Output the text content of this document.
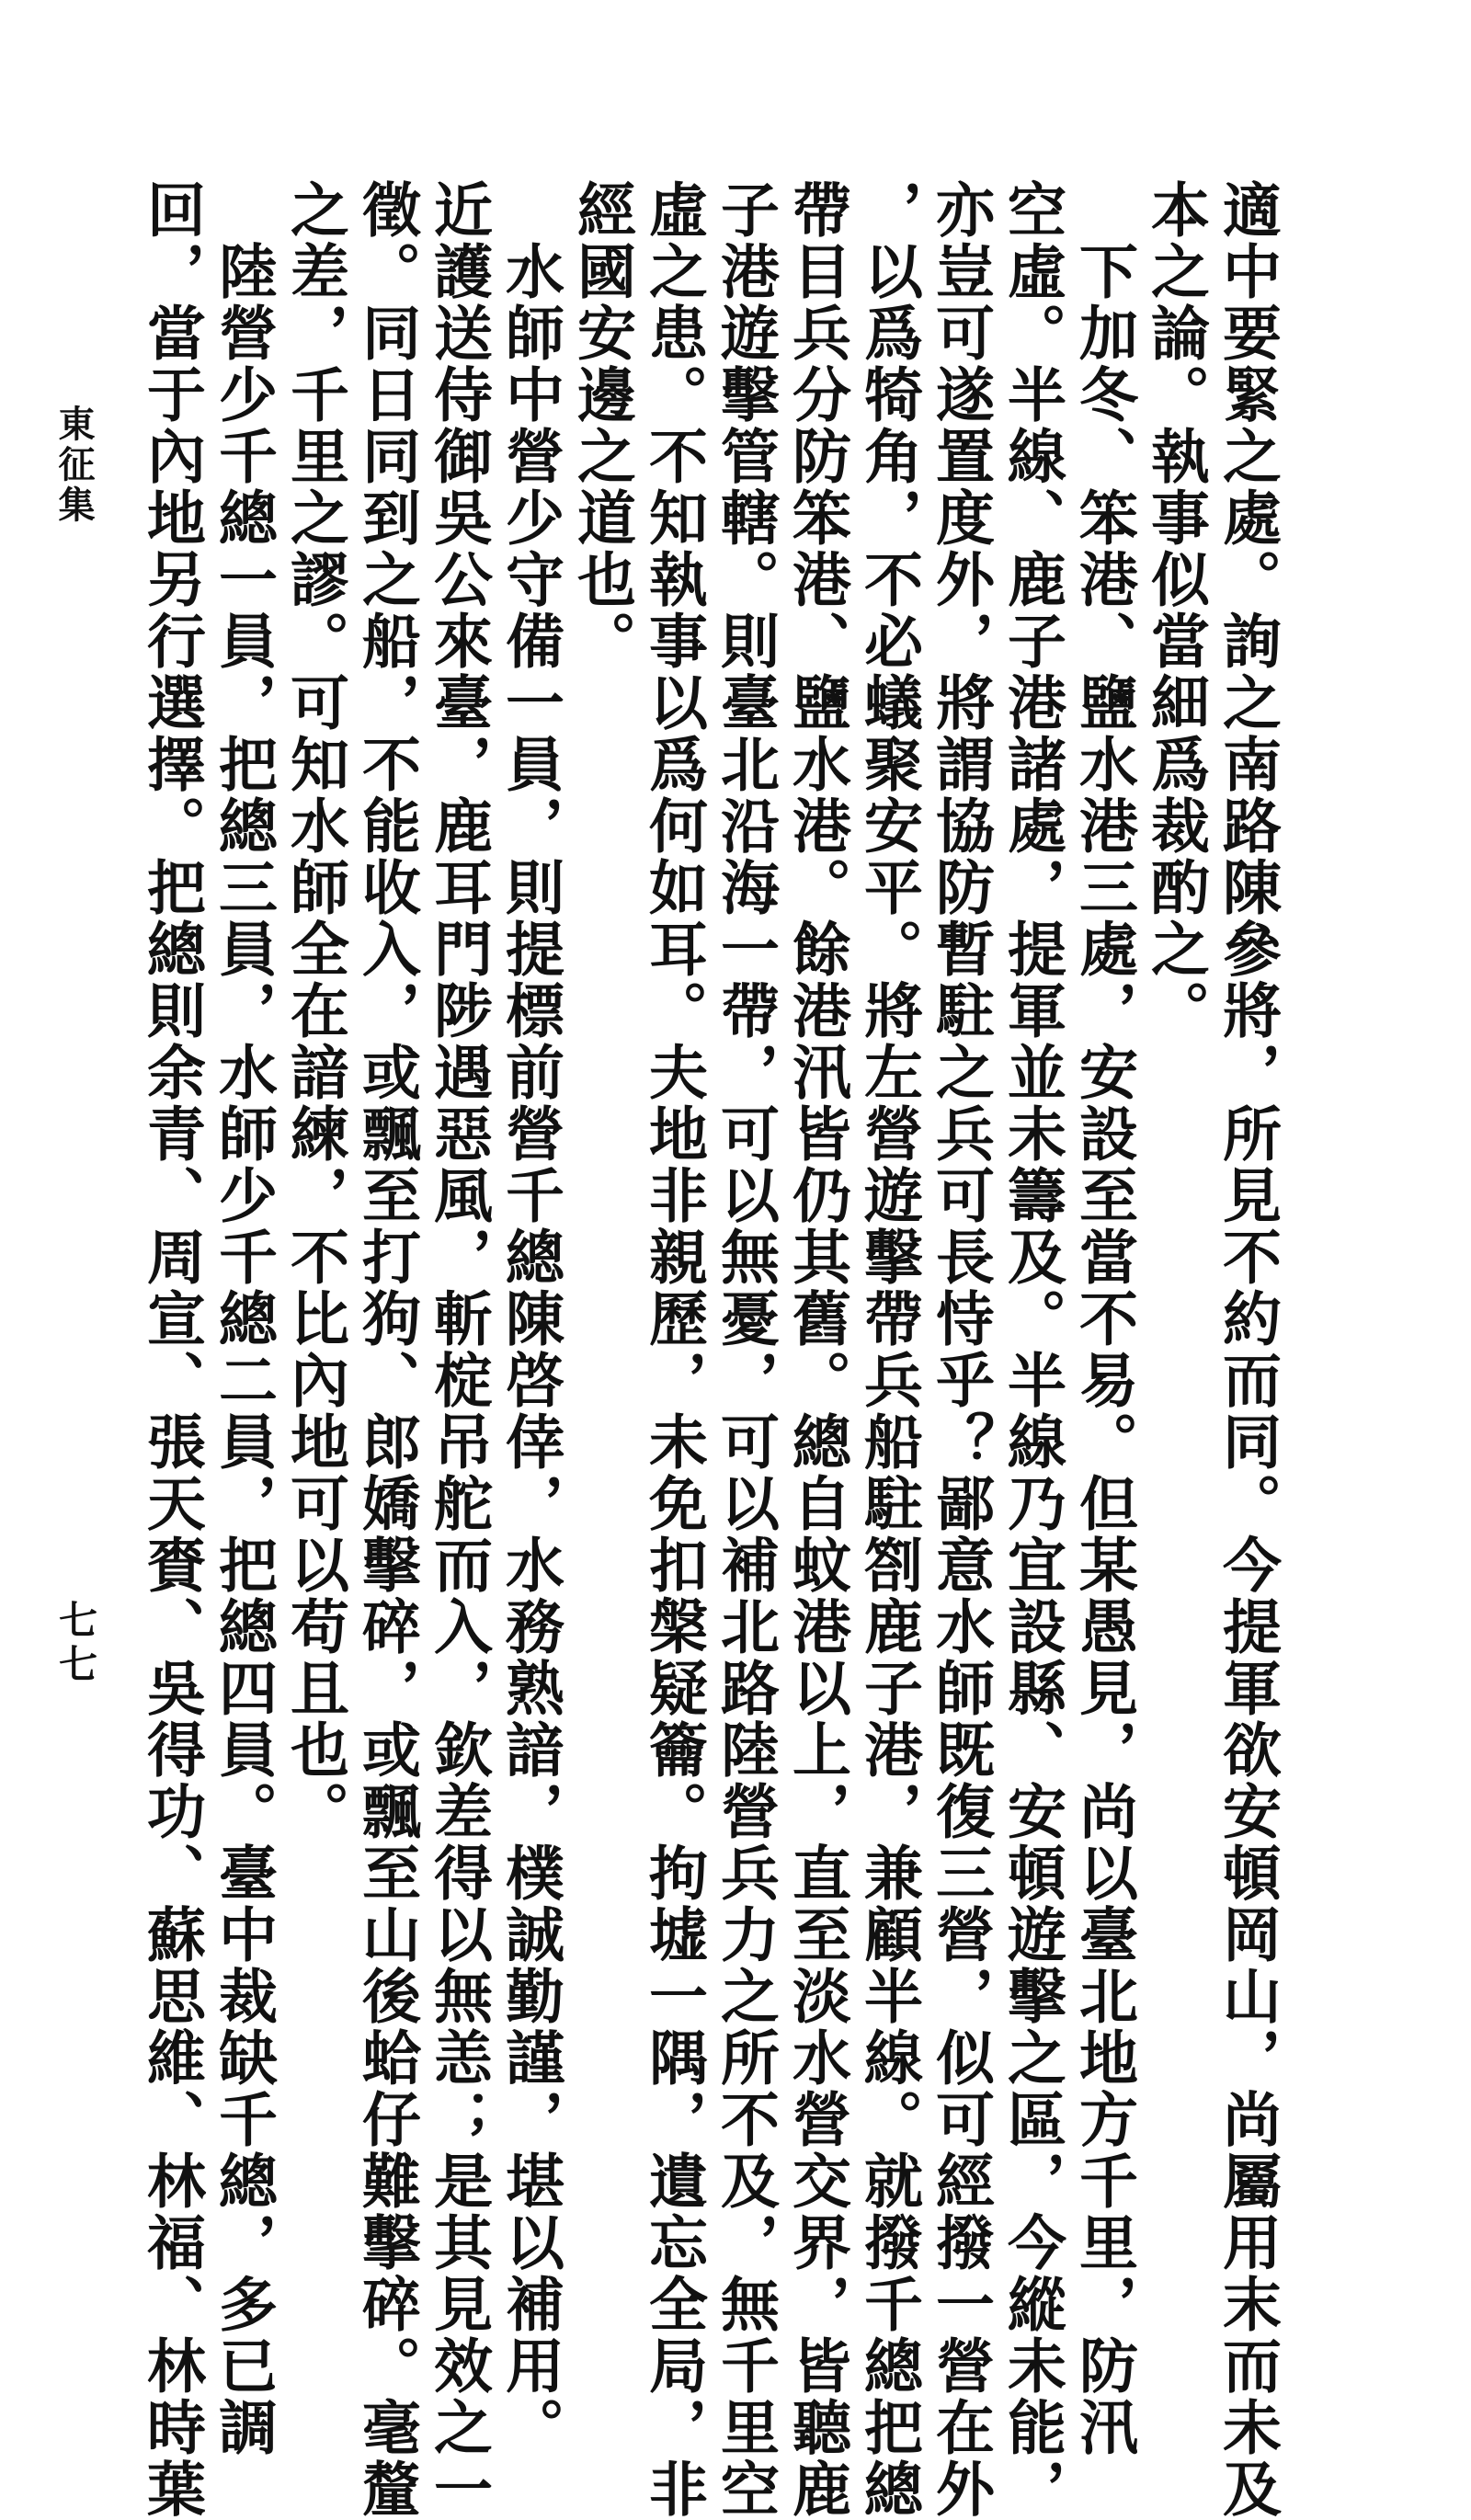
適中要緊之處。詢之南路陳參將，所見不約而同。今提軍欲安頓岡山，尚屬用末而未及
本之論。執事似當細爲裁酌之。
　下加冬、笨港、鹽水港三處，安設至當不易。但某愚見，尚以臺北地方千里，防汛
空虛。半線、鹿子港諸處，提軍並未籌及。半線乃宜設縣、安頓遊擊之區，今縱未能，
亦豈可遂置度外，將謂協防暫駐之兵可長恃乎？鄙意水師既復三營，似可經撥一營在外
，以爲犄角，不必蟻聚安平。將左營遊擊帶兵船駐劄鹿子港，兼顧半線。就撥千總把總
帶目兵分防笨港、鹽水港。餘港汛皆仍其舊。總自蚊港以上，直至淡水營交界，皆聽鹿
子港遊擊管轄。則臺北沿海一帶，可以無憂，可以補北路陸營兵力之所不及，無千里空
虛之患。不知執事以爲何如耳。夫地非親歷，未免扣槃疑籥。拘墟一隅，遺忘全局，非
經國安邊之道也。
　水師中營少守備一員，則提標前營千總陳啓倖，水務熟諳，樸誠勤謹，堪以補用。
近護送侍御吳公來臺，鹿耳門陟遇惡風，斬椗吊舵而入，欽差得以無恙；是其見效之一
徵。同日同到之船，不能收入，或飄至打狗、郎嬌擊碎，或飄至山後蛤仔難擊碎。毫釐
之差，千里之謬。可知水師全在諳練，不比內地可以苟且也。
　陸營少千總一員，把總三員，水師少千總二員，把總四員。臺中裁缺千總，多已調
回，當于內地另行選擇。把總則余青、周宣、張天賚、吳得功、蘇思維、林福、林時葉
東征集
七七
